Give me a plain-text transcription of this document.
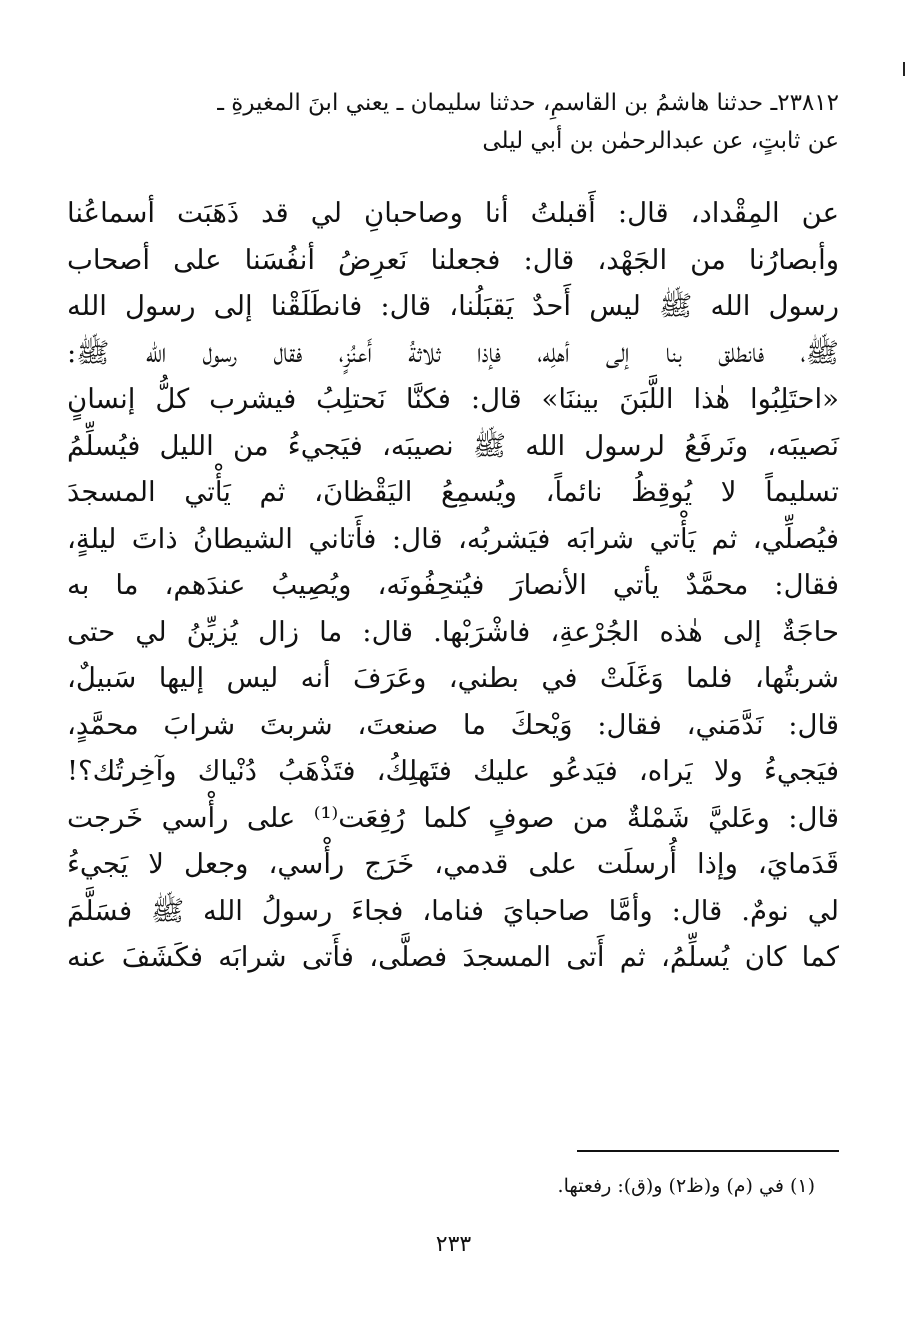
٢٣٨١٢ـ حدثنا هاشمُ بن القاسمِ، حدثنا سليمان ـ يعني ابنَ المغيرةِ ـ
عن ثابتٍ، عن عبدالرحمٰن بن أبي ليلى
عن المِقْداد، قال: أَقبلتُ أنا وصاحبانِ لي قد ذَهَبَت أسماعُنا
وأبصارُنا من الجَهْد، قال: فجعلنا نَعرِضُ أنفُسَنا على أصحاب
رسول الله ﷺ ليس أَحدٌ يَقبَلُنا، قال: فانطَلَقْنا إلى رسول الله
ﷺ، فانطلق بنا إلى أهلِه، فإذا ثلاثةُ أَعنُزٍ، فقال رسول الله ﷺ:
«احتَلِبُوا هٰذا اللَّبَنَ بيننَا» قال: فكنَّا نَحتلِبُ فيشرب كلُّ إنسانٍ
نَصيبَه، ونَرفَعُ لرسول الله ﷺ نصيبَه، فيَجيءُ من الليل فيُسلِّمُ
تسليماً لا يُوقِظُ نائماً، ويُسمِعُ اليَقْظانَ، ثم يَأْتي المسجدَ
فيُصلِّي، ثم يَأْتي شرابَه فيَشربُه، قال: فأَتاني الشيطانُ ذاتَ ليلةٍ،
فقال: محمَّدٌ يأتي الأنصارَ فيُتحِفُونَه، ويُصِيبُ عندَهم، ما به
حاجَةٌ إلى هٰذه الجُرْعةِ، فاشْرَبْها. قال: ما زال يُزيِّنُ لي حتى
شربتُها، فلما وَغَلَتْ في بطني، وعَرَفَ أنه ليس إليها سَبيلٌ،
قال: نَدَّمَني، فقال: وَيْحكَ ما صنعتَ، شربتَ شرابَ محمَّدٍ،
فيَجيءُ ولا يَراه، فيَدعُو عليك فتَهلِكُ، فتَذْهَبُ دُنْياك وآخِرتُك؟!
قال: وعَليَّ شَمْلةٌ من صوفٍ كلما رُفِعَت⁽¹⁾ على رأْسي خَرجت
قَدَمايَ، وإذا أُرسلَت على قدمي، خَرَج رأْسي، وجعل لا يَجيءُ
لي نومٌ. قال: وأمَّا صاحبايَ فناما، فجاءَ رسولُ الله ﷺ فسَلَّمَ
كما كان يُسلِّمُ، ثم أَتى المسجدَ فصلَّى، فأَتى شرابَه فكَشَفَ عنه
(١) في (م) و(ظ٢) و(ق): رفعتها.
٢٣٣
